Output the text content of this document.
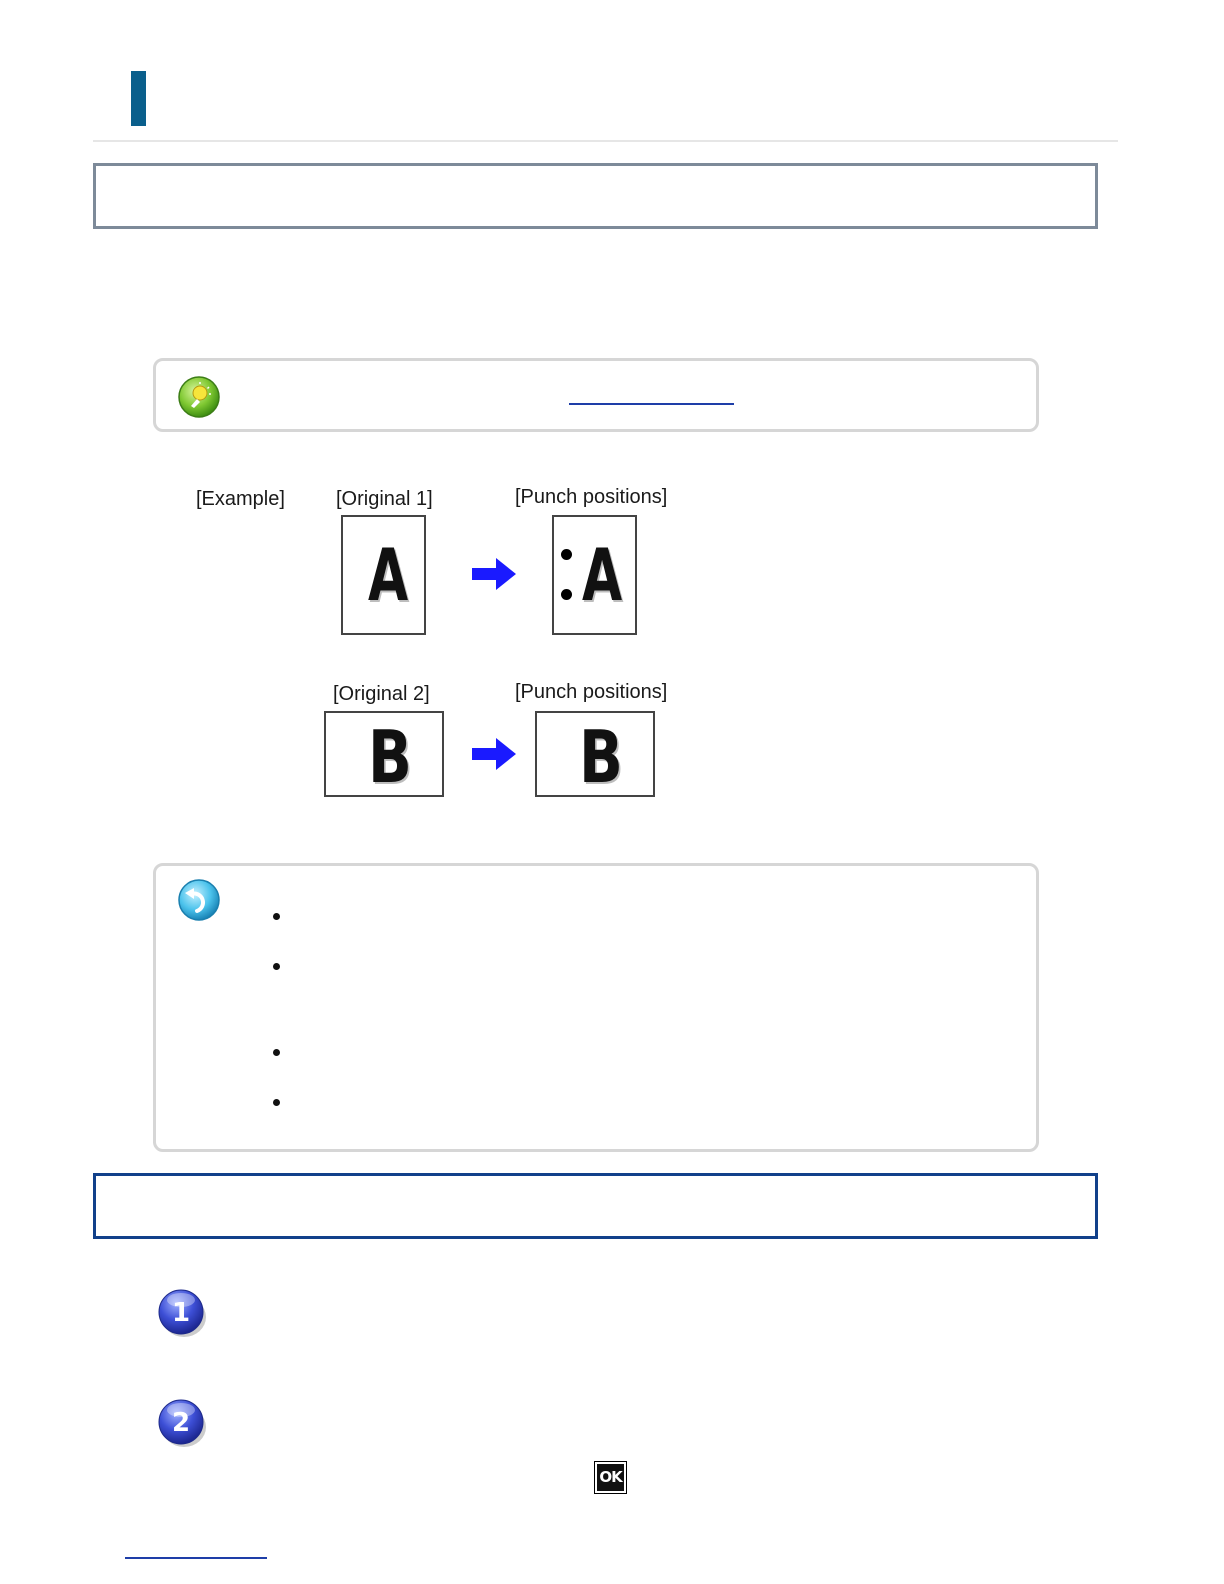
[Example]	[Original 1]	[Punch positions]
A A
[Original 2]	[Punch positions]
B B
1
2
OK
